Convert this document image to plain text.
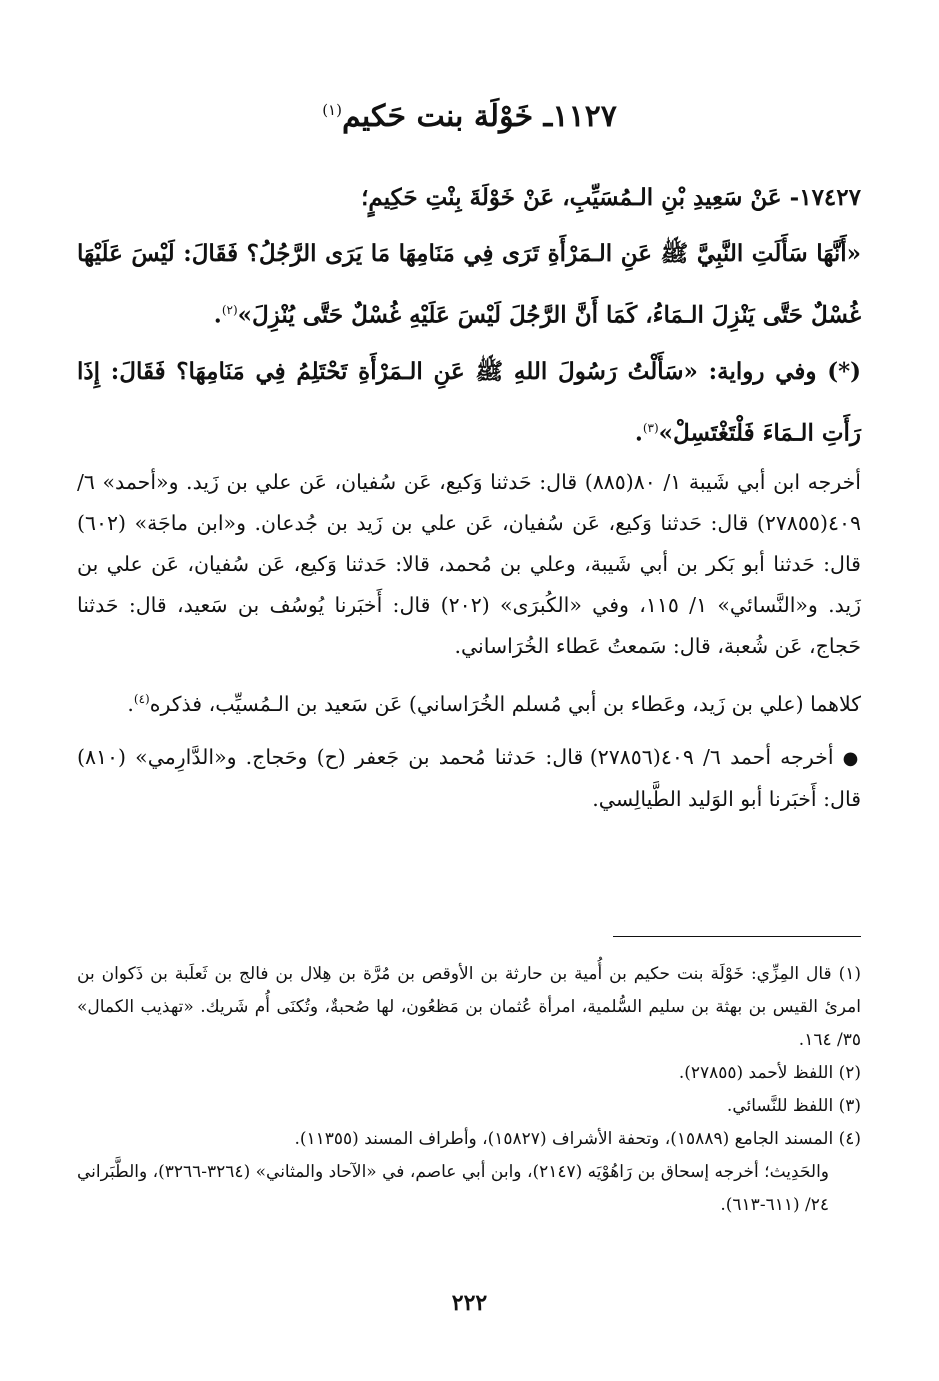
١١٢٧ـ خَوْلَة بنت حَكيم$^{(١)}$

١٧٤٢٧- عَنْ سَعِيدِ بْنِ الـمُسَيِّبِ، عَنْ خَوْلَةَ بِنْتِ حَكِيمٍ؛

«أَنَّهَا سَأَلَتِ النَّبِيَّ ﷺ عَنِ الـمَرْأَةِ تَرَى فِي مَنَامِهَا مَا يَرَى الرَّجُلُ؟ فَقَالَ: لَيْسَ عَلَيْهَا غُسْلٌ حَتَّى يَنْزِلَ الـمَاءُ، كَمَا أَنَّ الرَّجُلَ لَيْسَ عَلَيْهِ غُسْلٌ حَتَّى يُنْزِلَ»$^{(٢)}$.

(*) وفي رواية: «سَأَلْتُ رَسُولَ اللهِ ﷺ عَنِ الـمَرْأَةِ تَحْتَلِمُ فِي مَنَامِهَا؟ فَقَالَ: إِذَا رَأَتِ الـمَاءَ فَلْتَغْتَسِلْ»$^{(٣)}$.

أخرجه ابن أبي شَيبة ١/ ٨٠(٨٨٥) قال: حَدثنا وَكيع، عَن سُفيان، عَن علي بن زَيد. و«أحمد» ٦/ ٤٠٩(٢٧٨٥٥) قال: حَدثنا وَكيع، عَن سُفيان، عَن علي بن زَيد بن جُدعان. و«ابن ماجَة» (٦٠٢) قال: حَدثنا أبو بَكر بن أبي شَيبة، وعلي بن مُحمد، قالا: حَدثنا وَكيع، عَن سُفيان، عَن علي بن زَيد. و«النَّسائي» ١/ ١١٥، وفي «الكُبرَى» (٢٠٢) قال: أَخبَرنا يُوسُف بن سَعيد، قال: حَدثنا حَجاج، عَن شُعبة، قال: سَمعتُ عَطاء الخُرَاساني.

كلاهما (علي بن زَيد، وعَطاء بن أبي مُسلم الخُرَاساني) عَن سَعيد بن الـمُسيِّب، فذكره$^{(٤)}$.

● أخرجه أحمد ٦/ ٤٠٩(٢٧٨٥٦) قال: حَدثنا مُحمد بن جَعفر (ح) وحَجاج. و«الدَّارِمي» (٨١٠) قال: أَخبَرنا أبو الوَليد الطَّيالِسي.

(١) قال المِزِّي: خَوْلَة بنت حكيم بن أُمية بن حارثة بن الأوقص بن مُرَّة بن هِلال بن فالج بن ثَعلَبة بن ذَكوان بن امرئ القيس بن بهثة بن سليم السُّلمية، امرأة عُثمان بن مَظعُون، لها صُحبةٌ، وتُكنَى أُم شَريك. «تهذيب الكمال» ٣٥/ ١٦٤.

(٢) اللفظ لأحمد (٢٧٨٥٥).

(٣) اللفظ للنَّسائي.

(٤) المسند الجامع (١٥٨٨٩)، وتحفة الأشراف (١٥٨٢٧)، وأطراف المسند (١١٣٥٥).

والحَدِيث؛ أخرجه إسحاق بن رَاهُوْيَه (٢١٤٧)، وابن أبي عاصم، في «الآحاد والمثاني» (٣٢٦٤-٣٢٦٦)، والطَّبَراني ٢٤/ (٦١١-٦١٣).

٢٢٢
